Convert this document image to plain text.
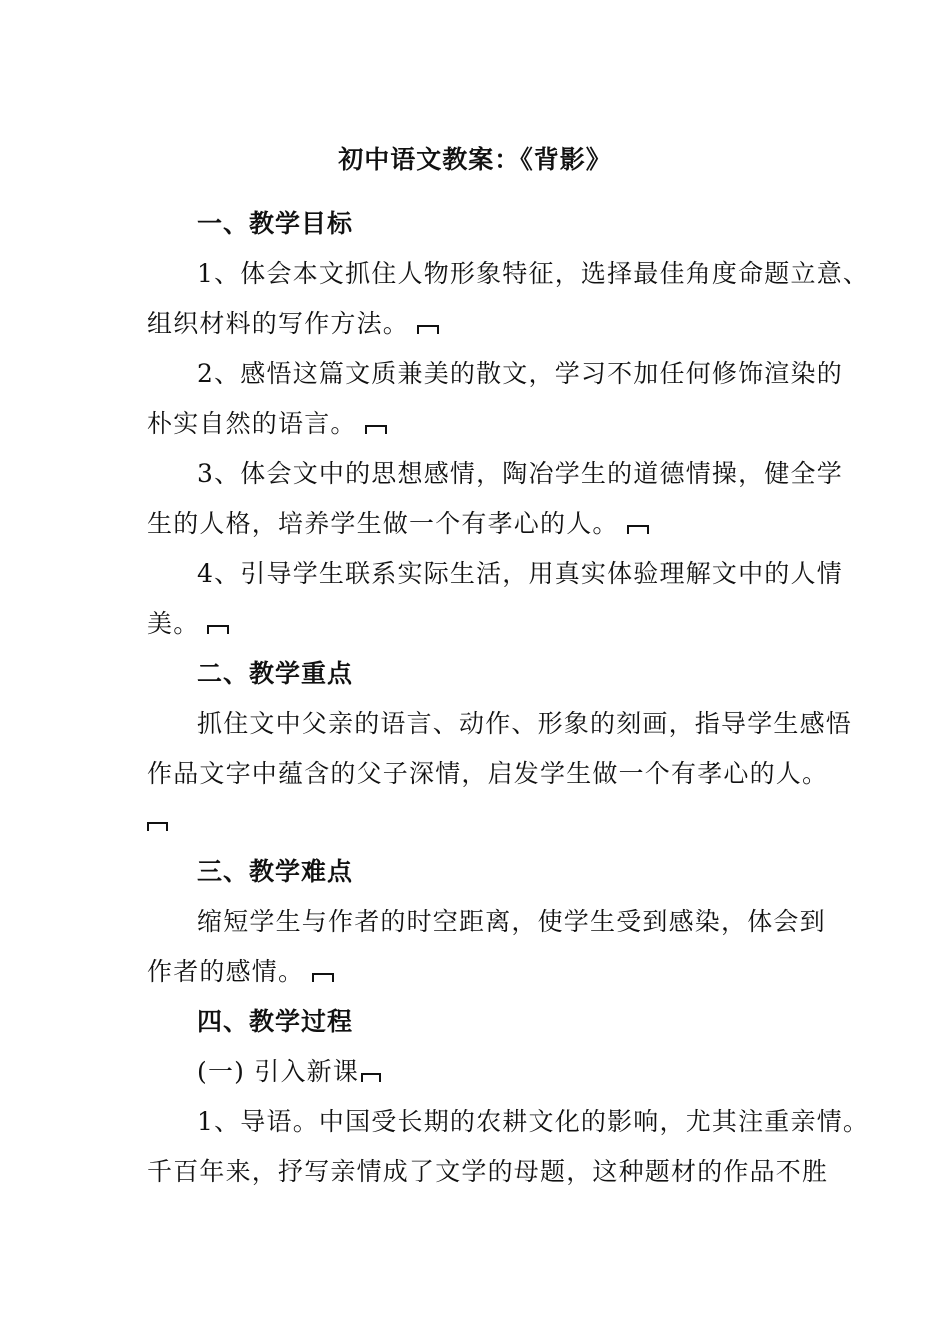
初中语文教案：《背影》
一、教学目标
1、体会本文抓住人物形象特征，选择最佳角度命题立意、
组织材料的写作方法。
2、感悟这篇文质兼美的散文，学习不加任何修饰渲染的
朴实自然的语言。
3、体会文中的思想感情，陶冶学生的道德情操，健全学
生的人格，培养学生做一个有孝心的人。
4、引导学生联系实际生活，用真实体验理解文中的人情
美。
二、教学重点
抓住文中父亲的语言、动作、形象的刻画，指导学生感悟
作品文字中蕴含的父子深情，启发学生做一个有孝心的人。
三、教学难点
缩短学生与作者的时空距离，使学生受到感染，体会到
作者的感情。
四、教学过程
(一) 引入新课
1、导语。中国受长期的农耕文化的影响，尤其注重亲情。
千百年来，抒写亲情成了文学的母题，这种题材的作品不胜
